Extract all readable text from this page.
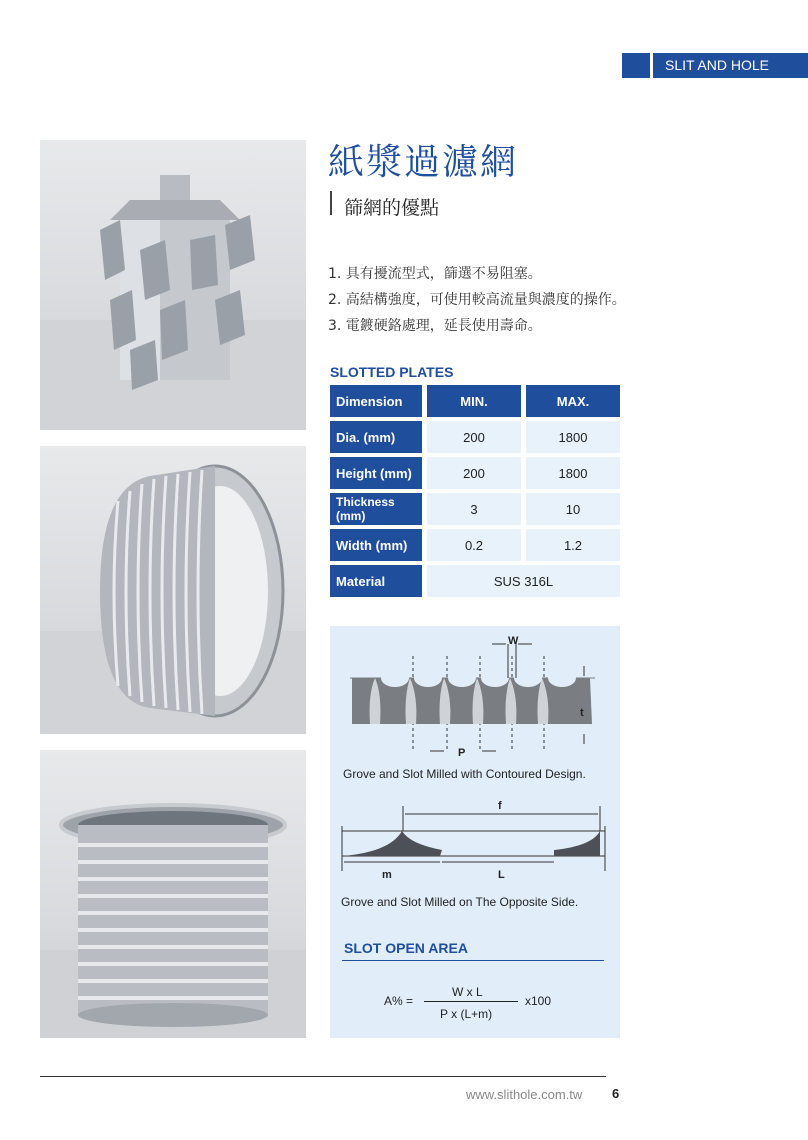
SLIT AND HOLE
紙漿過濾網
篩網的優點
1. 具有擾流型式，篩選不易阻塞。
2. 高結構強度，可使用較高流量與濃度的操作。
3. 電鍍硬鉻處理，延長使用壽命。
SLOTTED PLATES
Dimension	MIN.	MAX.
Dia. (mm)	200	1800
Height (mm)	200	1800
Thickness (mm)	3	10
Width (mm)	0.2	1.2
Material	SUS 316L
W
t
P
Grove and Slot Milled with Contoured Design.
f
m	L
Grove and Slot Milled on The Opposite Side.
SLOT OPEN AREA
A% =
W x L
P x (L+m)
x100
www.slithole.com.tw 6
